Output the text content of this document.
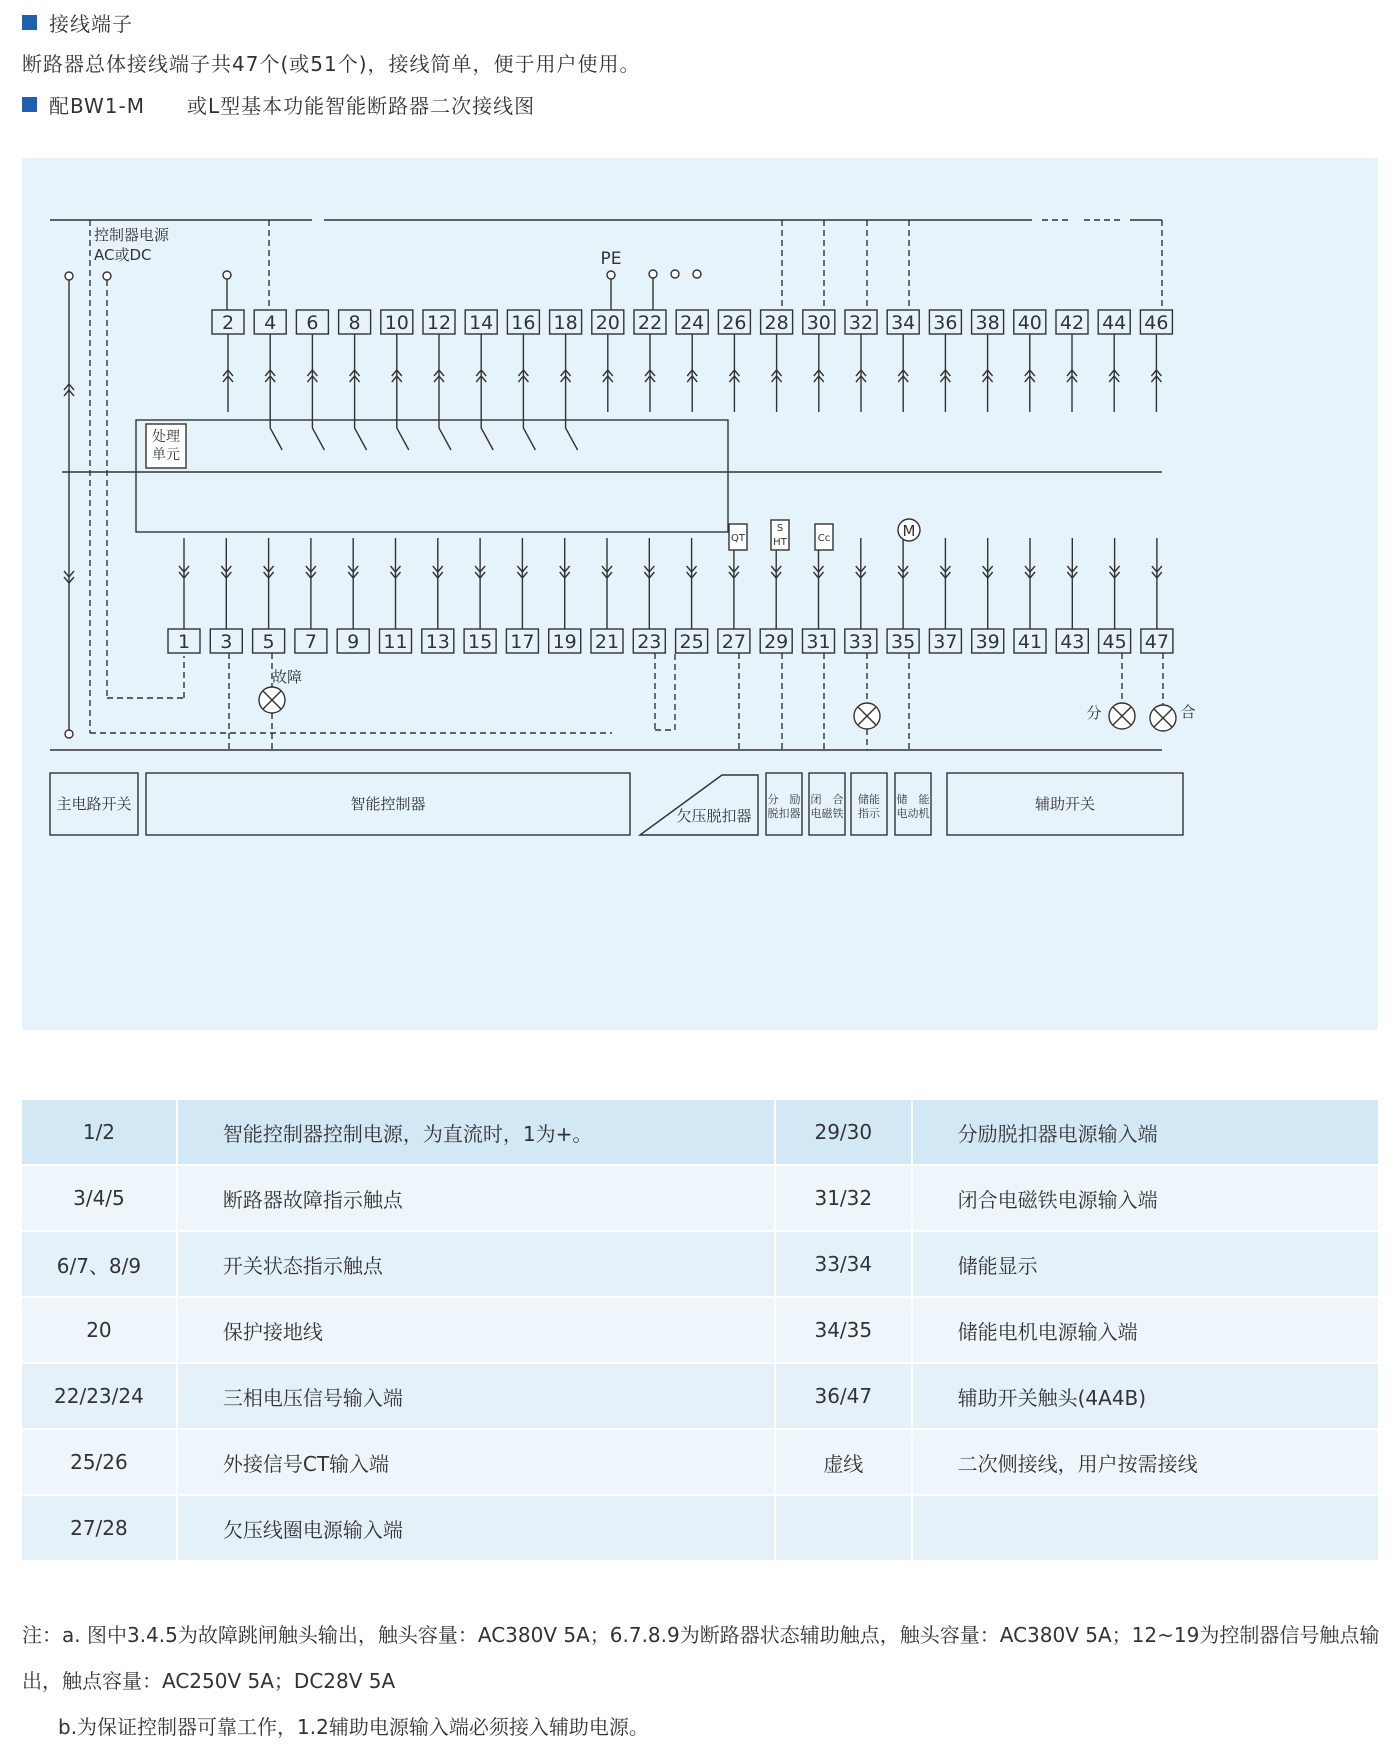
接线端子
断路器总体接线端子共47个(或51个)，接线简单，便于用户使用。
配BW1-M　　或L型基本功能智能断路器二次接线图
控制器电源
AC或DC
处理
单元
2 4 6 8 10 12 14 16 18 20 22 24 26 28 30 32 34 36 38 40 42 44 46
PE
1 3 5 7 9 11 13 15 17 19 21 23 25 27 29 31 33 35 37 39 41 43 45 47
QT
S
HT	Cc	M
故障
分	合
主电路开关	智能控制器
欠压脱扣器
分　励
脱扣器
闭　合
电磁铁
储能
指示
储　能
电动机
辅助开关
1/2	智能控制器控制电源，为直流时，1为+。	29/30	分励脱扣器电源输入端
3/4/5	断路器故障指示触点	31/32	闭合电磁铁电源输入端
6/7、8/9	开关状态指示触点	33/34	储能显示
20	保护接地线	34/35	储能电机电源输入端
22/23/24	三相电压信号输入端	36/47	辅助开关触头(4A4B)
25/26	外接信号CT输入端	虚线	二次侧接线，用户按需接线
27/28	欠压线圈电源输入端		
注：a. 图中3.4.5为故障跳闸触头输出，触头容量：AC380V 5A；6.7.8.9为断路器状态辅助触点，触头容量：AC380V 5A；12~19为控制器信号触点输出，触点容量：AC250V 5A；DC28V 5A
b.为保证控制器可靠工作，1.2辅助电源输入端必须接入辅助电源。
